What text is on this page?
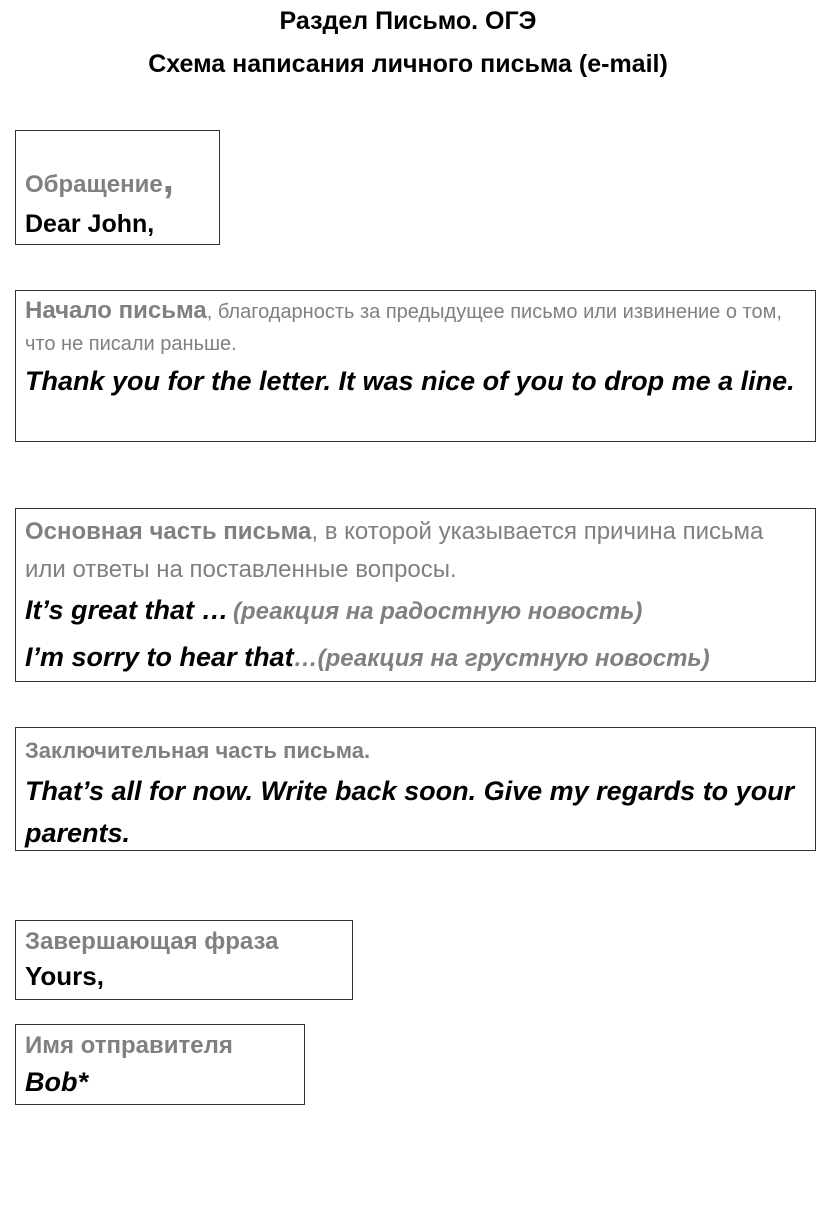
Раздел Письмо. ОГЭ
Схема написания личного письма (e-mail)
Обращение,
Dear John,
Начало письма, благодарность за предыдущее письмо или извинение о том, что не писали раньше.
Thank you for the letter. It was nice of you to drop me a line.
Основная часть письма, в которой указывается причина письма или ответы на поставленные вопросы.
It’s great that … (реакция на радостную новость)
I’m sorry to hear that…(реакция на грустную новость)
Заключительная часть письма.
That’s all for now. Write back soon. Give my regards to your parents.
Завершающая фраза
Yours,
Имя отправителя
Bob*
